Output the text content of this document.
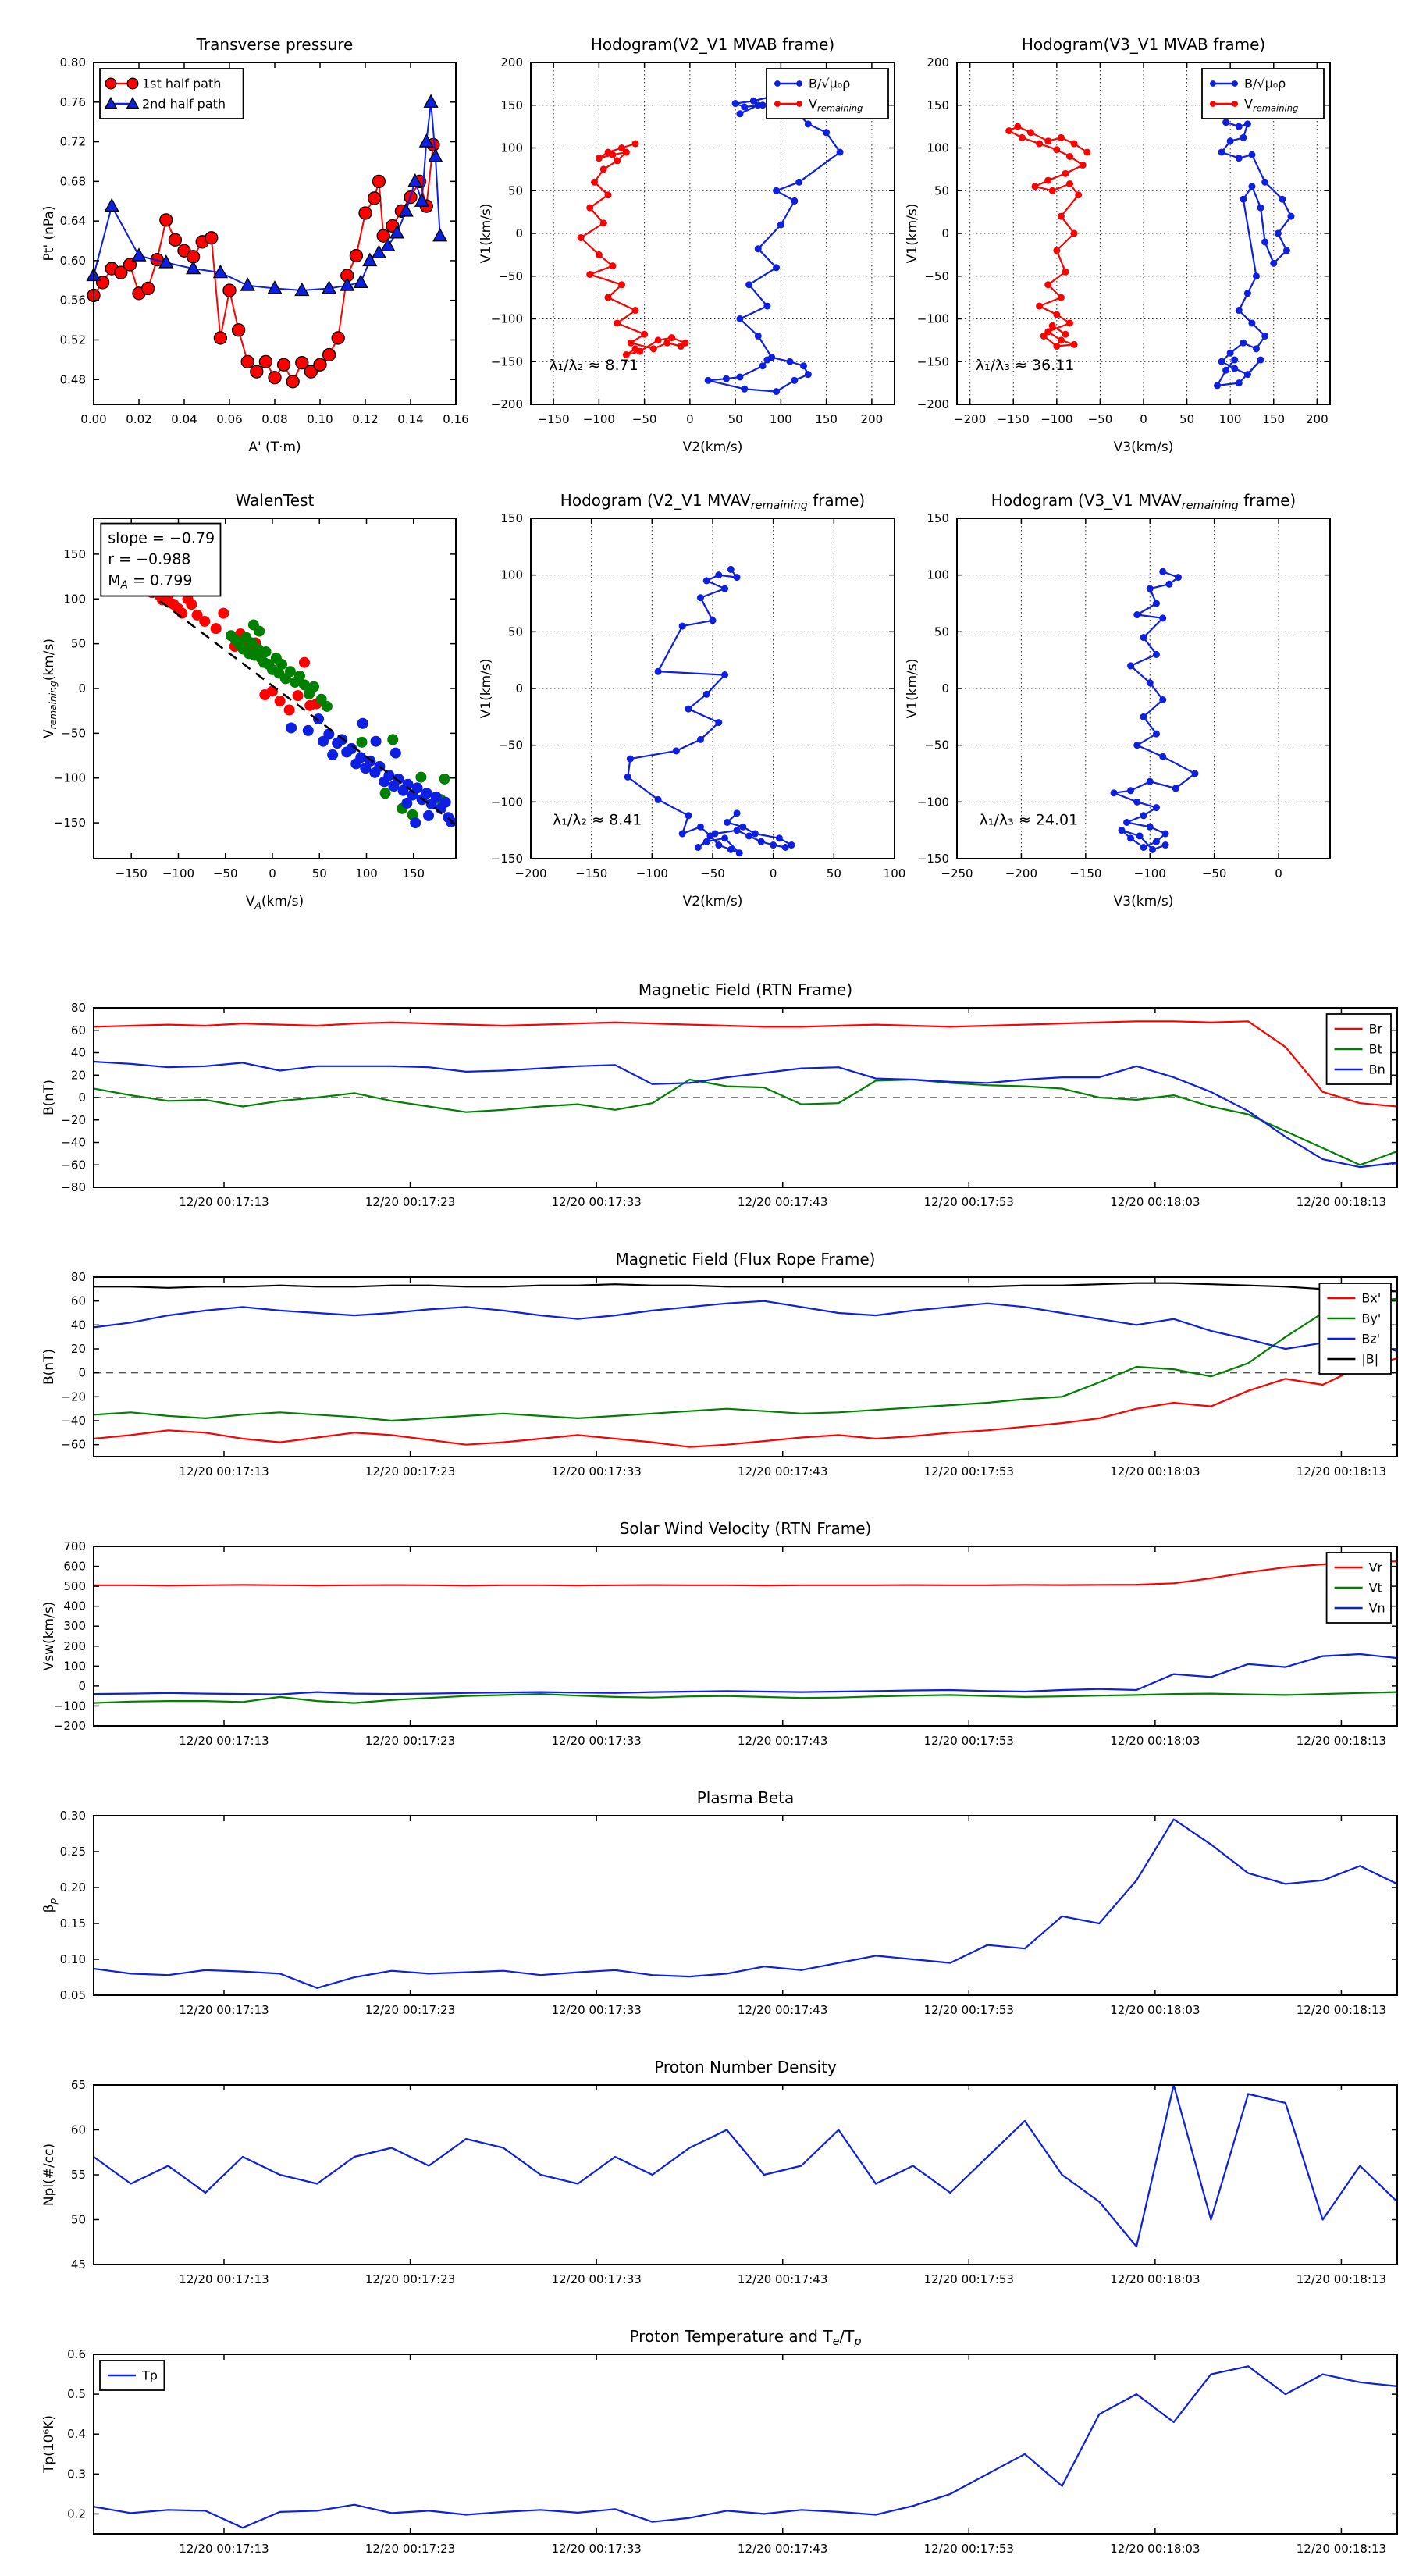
0.00 0.02 0.04 0.06 0.08 0.10 0.12 0.14 0.16
0.48
0.52
0.56
0.60
0.64
0.68
0.72
0.76
0.80
A' (T·m)
Pt' (nPa)
Transverse pressure
1st half path
2nd half path
−150 −100 −50	0	50 100 150 200
−200
−150
−100
−50
0
50
100
150
200
V2(km/s)
V1(km/s)
Hodogram(V2_V1 MVAB frame)
B/√μ₀ρ
$V_{remaining}$
λ₁/λ₂ ≈ 8.71
−200 −150 −100 −50 0	50 100 150 200
−200
−150
−100
−50
0
50
100
150
200
V3(km/s)
V1(km/s)
Hodogram(V3_V1 MVAB frame)
B/√μ₀ρ
$V_{remaining}$
λ₁/λ₃ ≈ 36.11
−150 −100 −50	0	50 100 150
−150
−100
−50
0
50
100
150
$V_A(km/s)$
$V_{remaining}(km/s)$
WalenTest
slope = −0.79
r = −0.988
$M_A = 0.799$
−200 −150 −100	−50	0	50	100
−150
−100
−50
0
50
100
150
V2(km/s)
V1(km/s)
Hodogram (V2_V1 $MVAV_{remaining}$ frame)
λ₁/λ₂ ≈ 8.41
−250	−200	−150	−100	−50	0
−150
−100
−50
0
50
100
150
V3(km/s)
V1(km/s)
Hodogram (V3_V1 $MVAV_{remaining}$ frame)
λ₁/λ₃ ≈ 24.01
12/20 00:17:13	12/20 00:17:23	12/20 00:17:33	12/20 00:17:43	12/20 00:17:53	12/20 00:18:03	12/20 00:18:13
−80
−60
−40
−20
0
20
40
60
80
B(nT)
Magnetic Field (RTN Frame)
Br
Bt
Bn
12/20 00:17:13	12/20 00:17:23	12/20 00:17:33	12/20 00:17:43	12/20 00:17:53	12/20 00:18:03	12/20 00:18:13
−60
−40
−20
0
20
40
60
80
B(nT)
Magnetic Field (Flux Rope Frame)
Bx'
By'
Bz'
|B|
12/20 00:17:13	12/20 00:17:23	12/20 00:17:33	12/20 00:17:43	12/20 00:17:53	12/20 00:18:03	12/20 00:18:13
−200
−100
0
100
200
300
400
500
600
700
Vsw(km/s)
Solar Wind Velocity (RTN Frame)
Vr
Vt
Vn
12/20 00:17:13	12/20 00:17:23	12/20 00:17:33	12/20 00:17:43	12/20 00:17:53	12/20 00:18:03	12/20 00:18:13
0.05
0.10
0.15
0.20
0.25
0.30
$\beta_p$
Plasma Beta
12/20 00:17:13	12/20 00:17:23	12/20 00:17:33	12/20 00:17:43	12/20 00:17:53	12/20 00:18:03	12/20 00:18:13
45
50
55
60
65
Npl(#/cc)
Proton Number Density
12/20 00:17:13	12/20 00:17:23	12/20 00:17:33	12/20 00:17:43	12/20 00:17:53	12/20 00:18:03	12/20 00:18:13
0.2
0.3
0.4
0.5
0.6
Tp(10⁶K)
Proton Temperature and $T_e/T_p$
Tp
